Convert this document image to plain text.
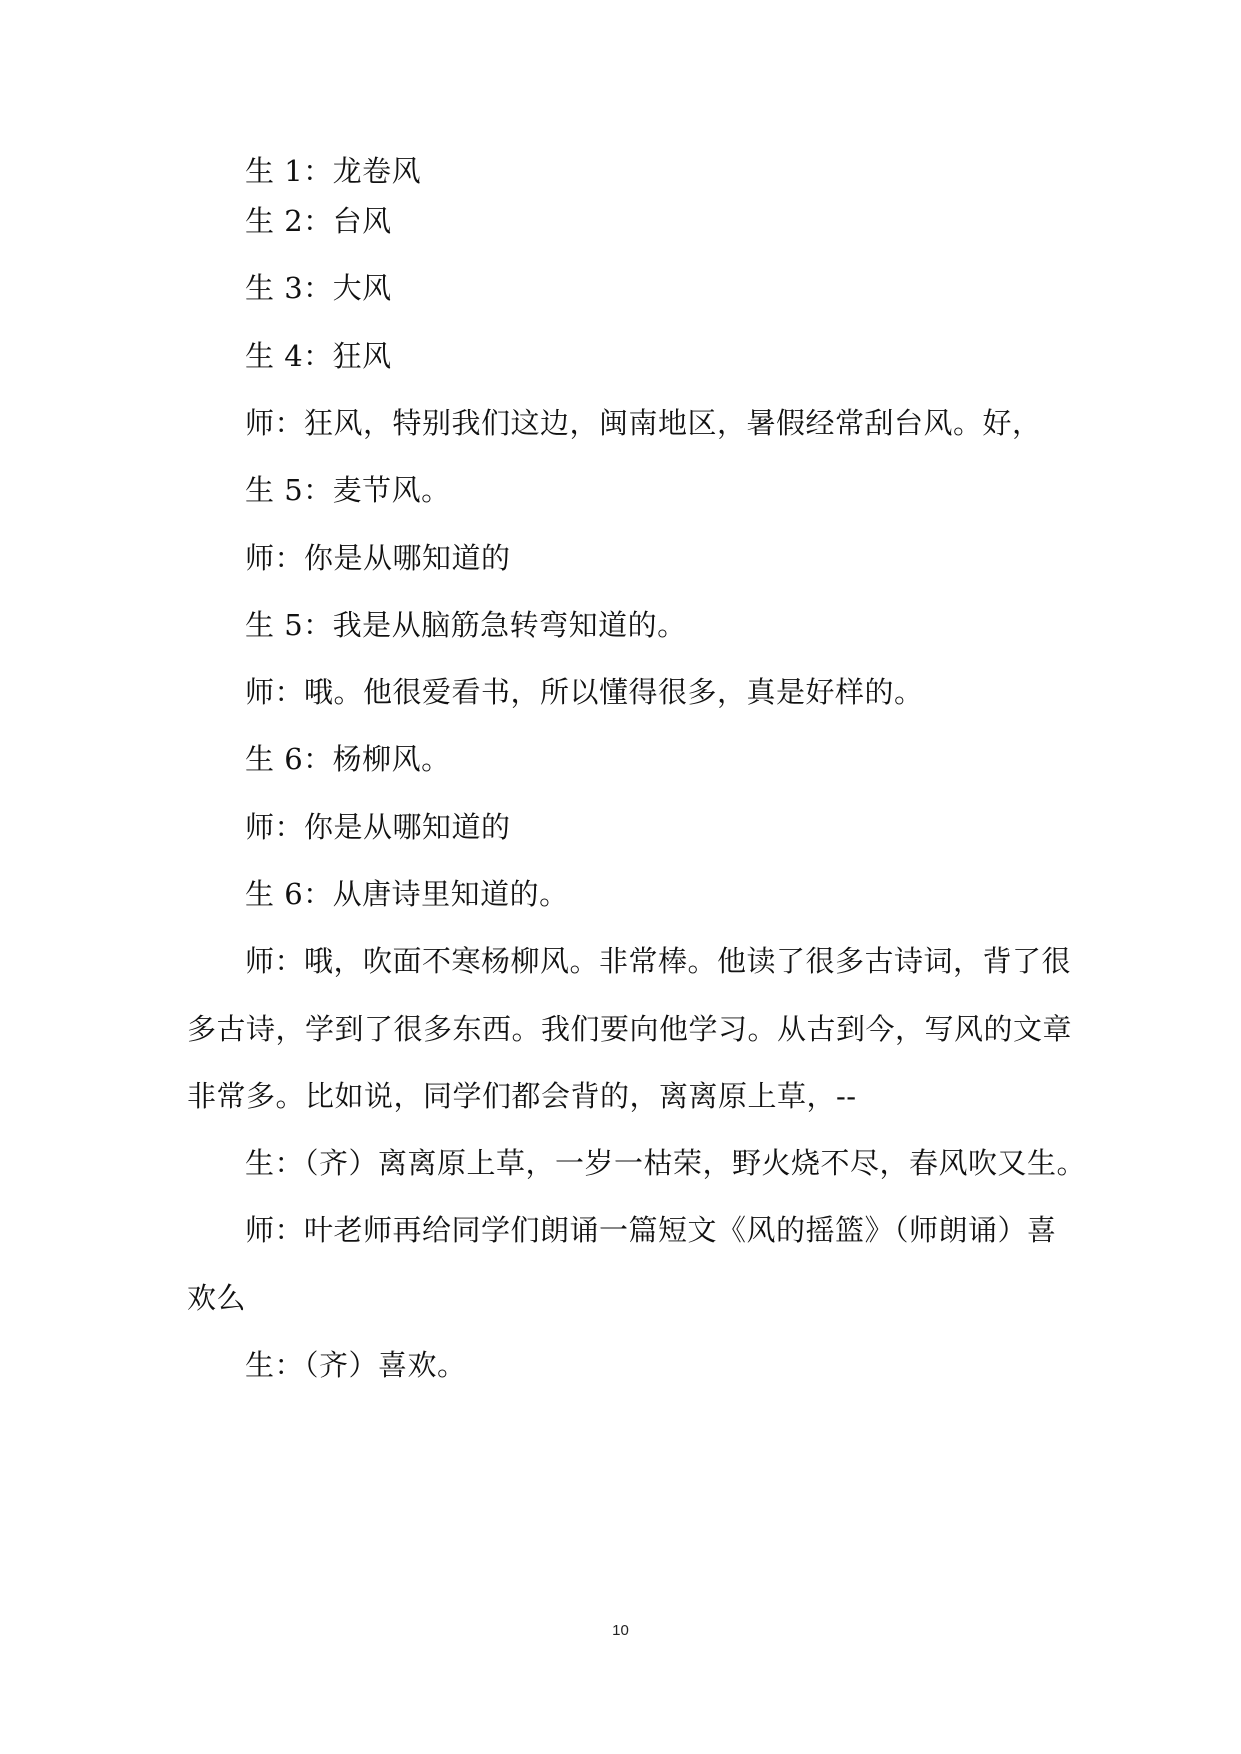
生 1：龙卷风

生 2：台风

生 3：大风

生 4：狂风

师：狂风，特别我们这边，闽南地区，暑假经常刮台风。好，

生 5：麦节风。

师：你是从哪知道的

生 5：我是从脑筋急转弯知道的。

师：哦。他很爱看书，所以懂得很多，真是好样的。

生 6：杨柳风。

师：你是从哪知道的

生 6：从唐诗里知道的。

师：哦，吹面不寒杨柳风。非常棒。他读了很多古诗词，背了很

多古诗，学到了很多东西。我们要向他学习。从古到今，写风的文章

非常多。比如说，同学们都会背的，离离原上草，--

生：（齐）离离原上草，一岁一枯荣，野火烧不尽，春风吹又生。

师：叶老师再给同学们朗诵一篇短文《风的摇篮》（师朗诵）喜

欢么

生：（齐）喜欢。

10
